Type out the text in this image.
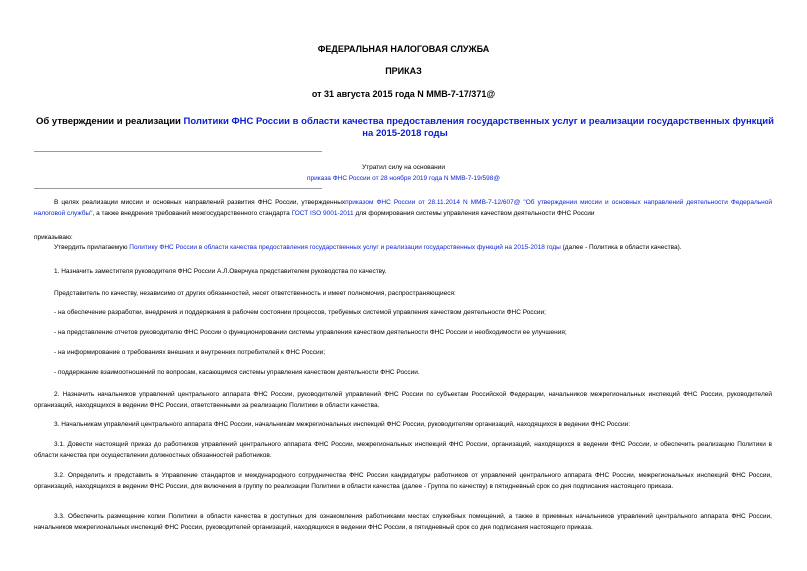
ФЕДЕРАЛЬНАЯ НАЛОГОВАЯ СЛУЖБА
ПРИКАЗ
от 31 августа 2015 года N ММВ-7-17/371@
Об утверждении и реализации Политики ФНС России в области качества предоставления государственных услуг и реализации государственных функций на 2015-2018 годы
Утратил силу на основании
приказа ФНС России от 28 ноября 2019 года N ММВ-7-19/598@
В целях реализации миссии и основных направлений развития ФНС России, утвержденныхприказом ФНС России от 28.11.2014 N ММВ-7-12/607@ "Об утверждении миссии и основных направлений деятельности Федеральной налоговой службы", а также внедрения требований межгосударственного стандарта ГОСТ ISO 9001-2011 для формирования системы управления качеством деятельности ФНС России
приказываю:
Утвердить прилагаемую Политику ФНС России в области качества предоставления государственных услуг и реализации государственных функций на 2015-2018 годы (далее - Политика в области качества).
1. Назначить заместителя руководителя ФНС России А.Л.Оверчука представителем руководства по качеству.
Представитель по качеству, независимо от других обязанностей, несет ответственность и имеет полномочия, распространяющиеся:
- на обеспечение разработки, внедрения и поддержания в рабочем состоянии процессов, требуемых системой управления качеством деятельности ФНС России;
- на представление отчетов руководителю ФНС России о функционировании системы управления качеством деятельности ФНС России и необходимости ее улучшения;
- на информирование о требованиях внешних и внутренних потребителей к ФНС России;
- поддержание взаимоотношений по вопросам, касающимся системы управления качеством деятельности ФНС России.
2. Назначить начальников управлений центрального аппарата ФНС России, руководителей управлений ФНС России по субъектам Российской Федерации, начальников межрегиональных инспекций ФНС России, руководителей организаций, находящихся в ведении ФНС России, ответственными за реализацию Политики в области качества.
3. Начальникам управлений центрального аппарата ФНС России, начальникам межрегиональных инспекций ФНС России, руководителям организаций, находящихся в ведении ФНС России:
3.1. Довести настоящий приказ до работников управлений центрального аппарата ФНС России, межрегиональных инспекций ФНС России, организаций, находящихся в ведении ФНС России, и обеспечить реализацию Политики в области качества при осуществлении должностных обязанностей работников.
3.2. Определить и представить в Управление стандартов и международного сотрудничества ФНС России кандидатуры работников от управлений центрального аппарата ФНС России, межрегиональных инспекций ФНС России, организаций, находящихся в ведении ФНС России, для включения в группу по реализации Политики в области качества (далее - Группа по качеству) в пятидневный срок со дня подписания настоящего приказа.
3.3. Обеспечить размещение копии Политики в области качества в доступных для ознакомления работниками местах служебных помещений, а также в приемных начальников управлений центрального аппарата ФНС России, начальников межрегиональных инспекций ФНС России, руководителей организаций, находящихся в ведении ФНС России, в пятидневный срок со дня подписания настоящего приказа.
